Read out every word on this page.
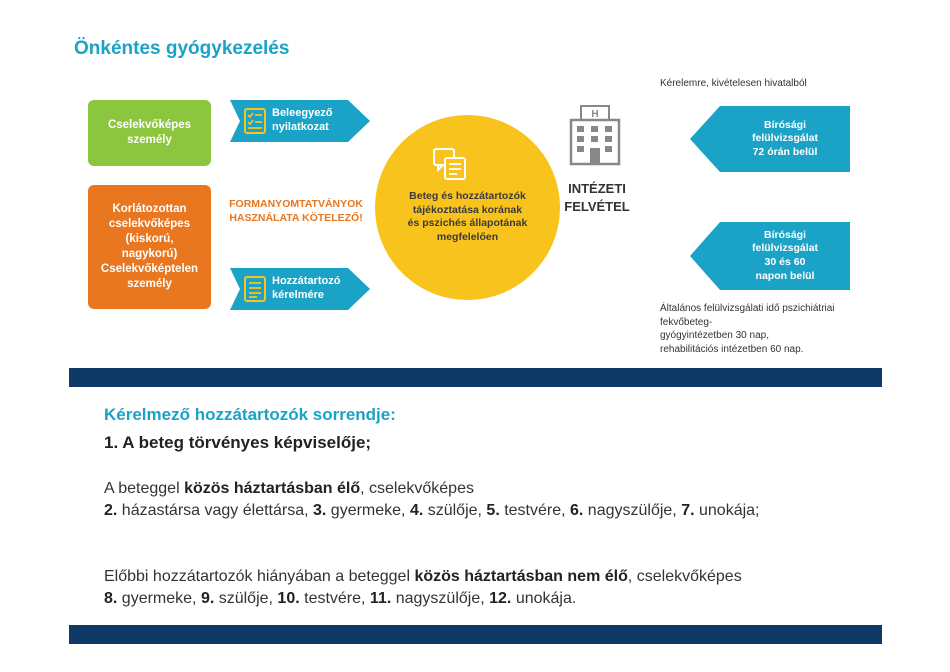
Önkéntes gyógykezelés
Cselekvőképes
személy
Korlátozottan
cselekvőképes
(kiskorú,
nagykorú)
Cselekvőképtelen
személy
Beleegyező
nyilatkozat
FORMANYOMTATVÁNYOK
HASZNÁLATA KÖTELEZŐ!
Hozzátartozó
kérelmére
Beteg és hozzátartozók
tájékoztatása korának
és pszichés állapotának
megfelelően
H
INTÉZETI
FELVÉTEL
Kérelemre, kivételesen hivatalból
Bírósági
felülvizsgálat
72 órán belül
Bírósági
felülvizsgálat
30 és 60
napon belül
Általános felülvizsgálati idő pszichiátriai
fekvőbeteg-
gyógyintézetben 30 nap,
rehabilitációs intézetben 60 nap.
Kérelmező hozzátartozók sorrendje:
1. A beteg törvényes képviselője;
A beteggel közös háztartásban élő, cselekvőképes
2. házastársa vagy élettársa, 3. gyermeke, 4. szülője, 5. testvére, 6. nagyszülője, 7. unokája;
Előbbi hozzátartozók hiányában a beteggel közös háztartásban nem élő, cselekvőképes
8. gyermeke, 9. szülője, 10. testvére, 11. nagyszülője, 12. unokája.
